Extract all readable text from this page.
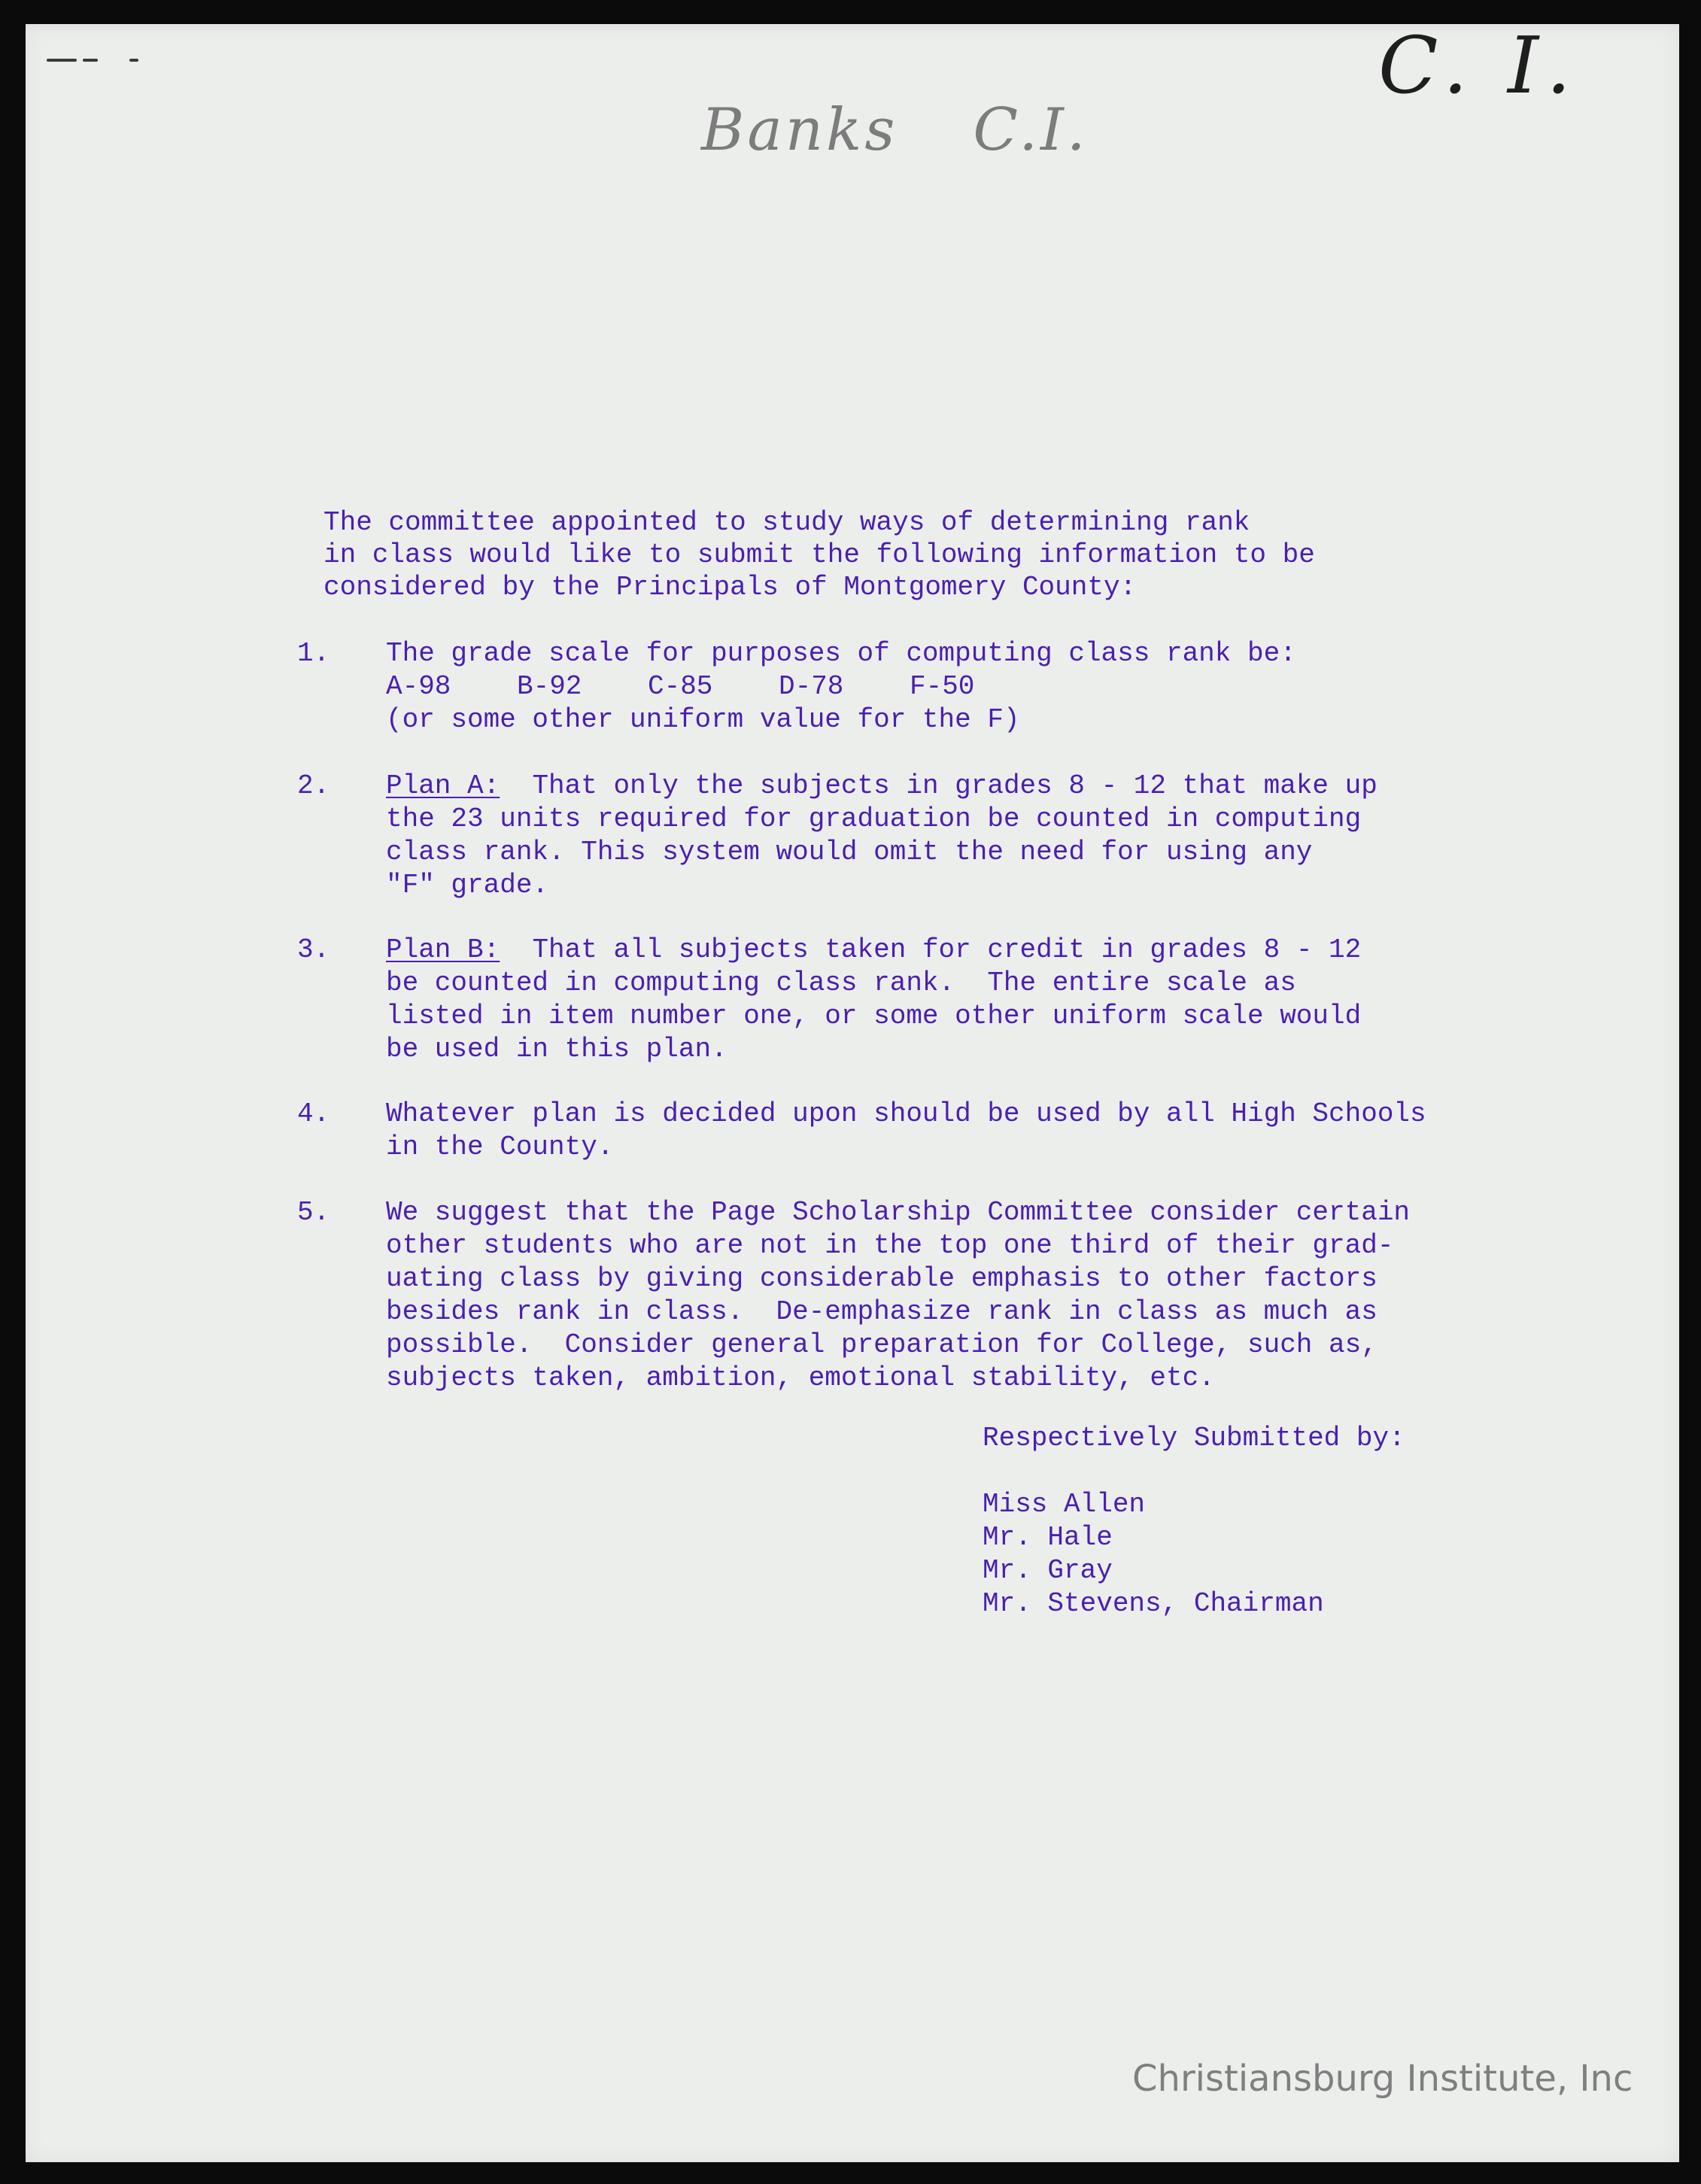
C. I.
Banks C.I.
The committee appointed to study ways of determining rank
in class would like to submit the following information to be
considered by the Principals of Montgomery County:
1. The grade scale for purposes of computing class rank be:
A-98 B-92 C-85 D-78 F-50
(or some other uniform value for the F)
2. Plan A: That only the subjects in grades 8 - 12 that make up
the 23 units required for graduation be counted in computing
class rank. This system would omit the need for using any
"F" grade.
3. Plan B: That all subjects taken for credit in grades 8 - 12
be counted in computing class rank.  The entire scale as
listed in item number one, or some other uniform scale would
be used in this plan.
4. Whatever plan is decided upon should be used by all High Schools
in the County.
5. We suggest that the Page Scholarship Committee consider certain
other students who are not in the top one third of their grad-
uating class by giving considerable emphasis to other factors
besides rank in class.  De-emphasize rank in class as much as
possible.  Consider general preparation for College, such as,
subjects taken, ambition, emotional stability, etc.
Respectively Submitted by:
Miss Allen
Mr. Hale
Mr. Gray
Mr. Stevens, Chairman
Christiansburg Institute, Inc
